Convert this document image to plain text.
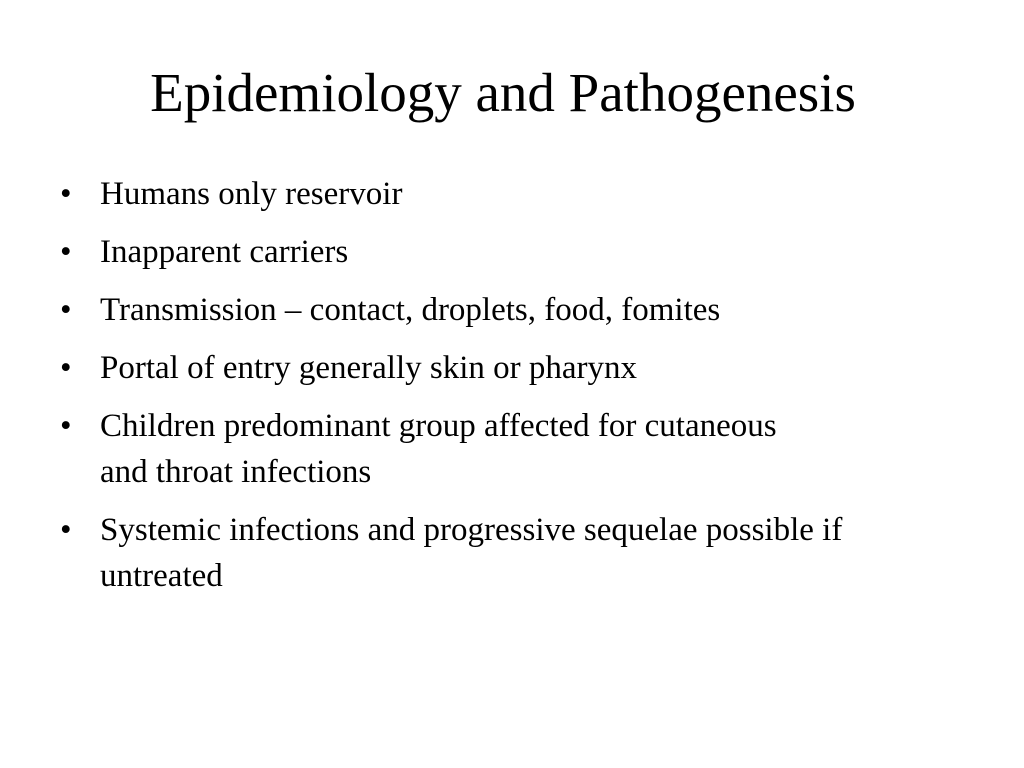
Epidemiology and Pathogenesis
• Humans only reservoir
• Inapparent carriers
• Transmission – contact, droplets, food, fomites
• Portal of entry generally skin or pharynx
• Children predominant group affected for cutaneous and throat infections
• Systemic infections and progressive sequelae possible if untreated
